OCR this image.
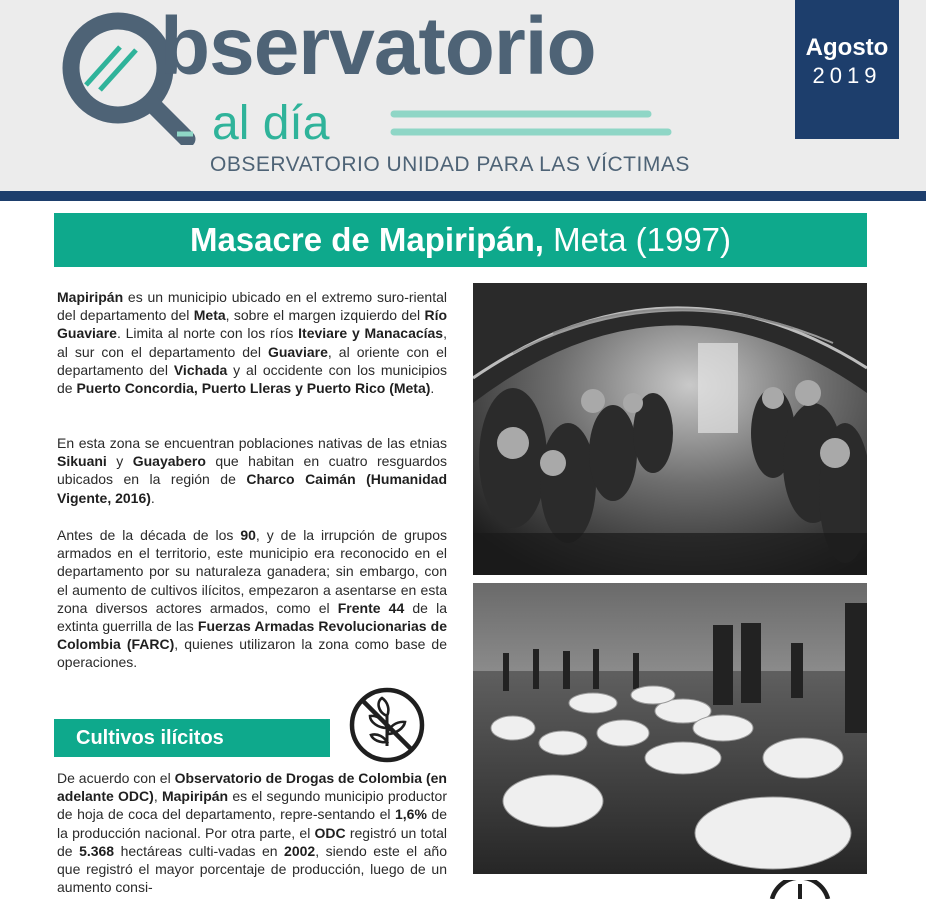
bservatorio
al día
OBSERVATORIO UNIDAD PARA LAS VÍCTIMAS
Agosto
2019
Masacre de Mapiripán, Meta (1997)

Mapiripán es un municipio ubicado en el extremo suro-riental del departamento del Meta, sobre el margen izquierdo del Río Guaviare. Limita al norte con los ríos Iteviare y Manacacías, al sur con el departamento del Guaviare, al oriente con el departamento del Vichada y al occidente con los municipios de Puerto Concordia, Puerto Lleras y Puerto Rico (Meta).

En esta zona se encuentran poblaciones nativas de las etnias Sikuani y Guayabero que habitan en cuatro resguardos ubicados en la región de Charco Caimán (Humanidad Vigente, 2016).

Antes de la década de los 90, y de la irrupción de grupos armados en el territorio, este municipio era reconocido en el departamento por su naturaleza ganadera; sin embargo, con el aumento de cultivos ilícitos, empezaron a asentarse en esta zona diversos actores armados, como el Frente 44 de la extinta guerrilla de las Fuerzas Armadas Revolucionarias de Colombia (FARC), quienes utilizaron la zona como base de operaciones.

Cultivos ilícitos

De acuerdo con el Observatorio de Drogas de Colombia (en adelante ODC), Mapiripán es el segundo municipio productor de hoja de coca del departamento, repre-sentando el 1,6% de la producción nacional. Por otra parte, el ODC registró un total de 5.368 hectáreas culti-vadas en 2002, siendo este el año que registró el mayor porcentaje de producción, luego de un aumento consi-
